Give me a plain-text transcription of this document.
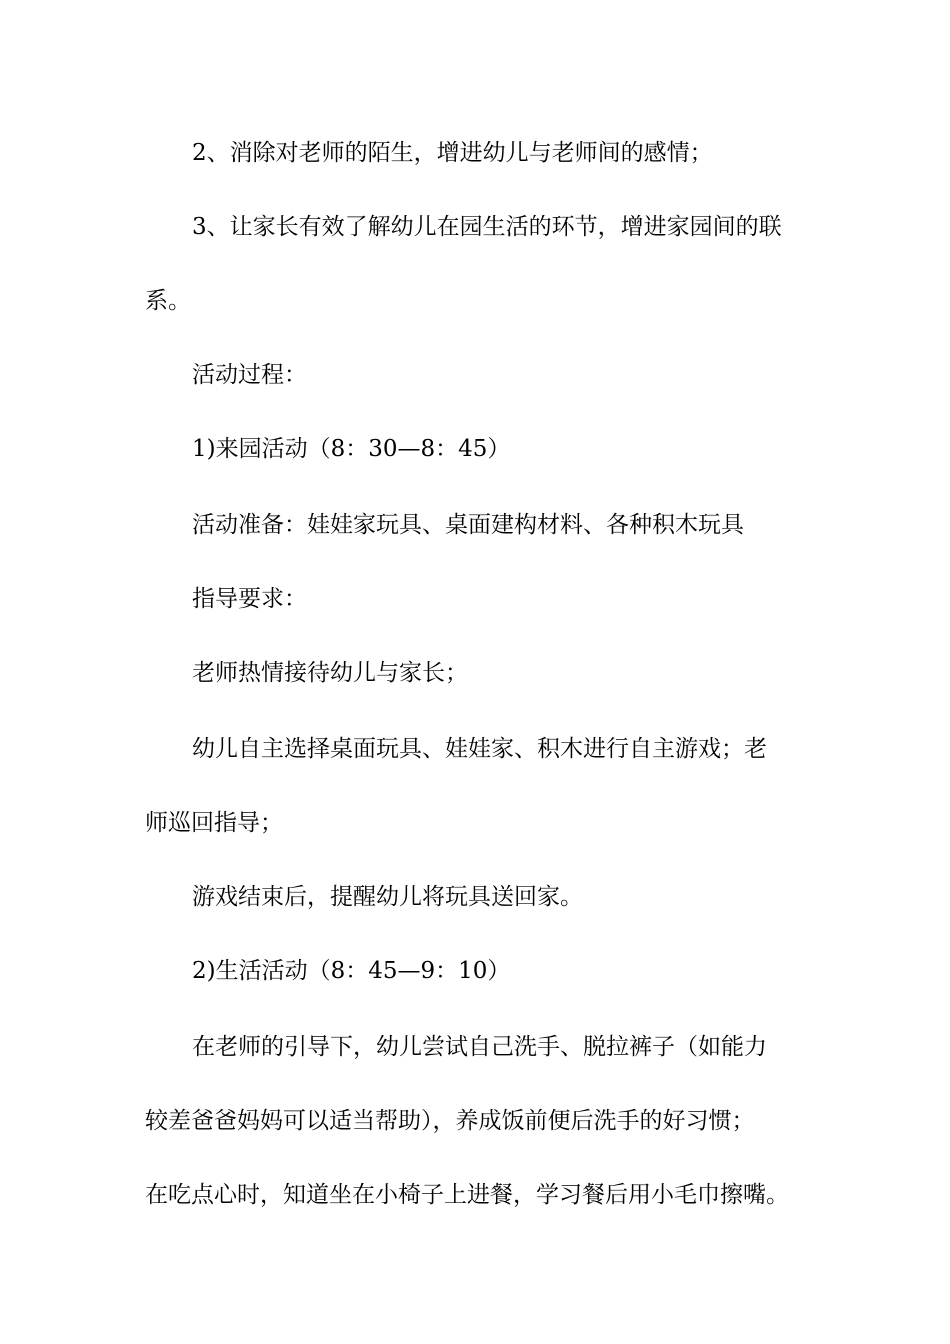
2、消除对老师的陌生，增进幼儿与老师间的感情；
3、让家长有效了解幼儿在园生活的环节，增进家园间的联
系。
活动过程：
1)来园活动（8：30—8：45）
活动准备：娃娃家玩具、桌面建构材料、各种积木玩具
指导要求：
老师热情接待幼儿与家长；
幼儿自主选择桌面玩具、娃娃家、积木进行自主游戏；老
师巡回指导；
游戏结束后，提醒幼儿将玩具送回家。
2)生活活动（8：45—9：10）
在老师的引导下，幼儿尝试自己洗手、脱拉裤子（如能力
较差爸爸妈妈可以适当帮助），养成饭前便后洗手的好习惯；
在吃点心时，知道坐在小椅子上进餐，学习餐后用小毛巾擦嘴。
